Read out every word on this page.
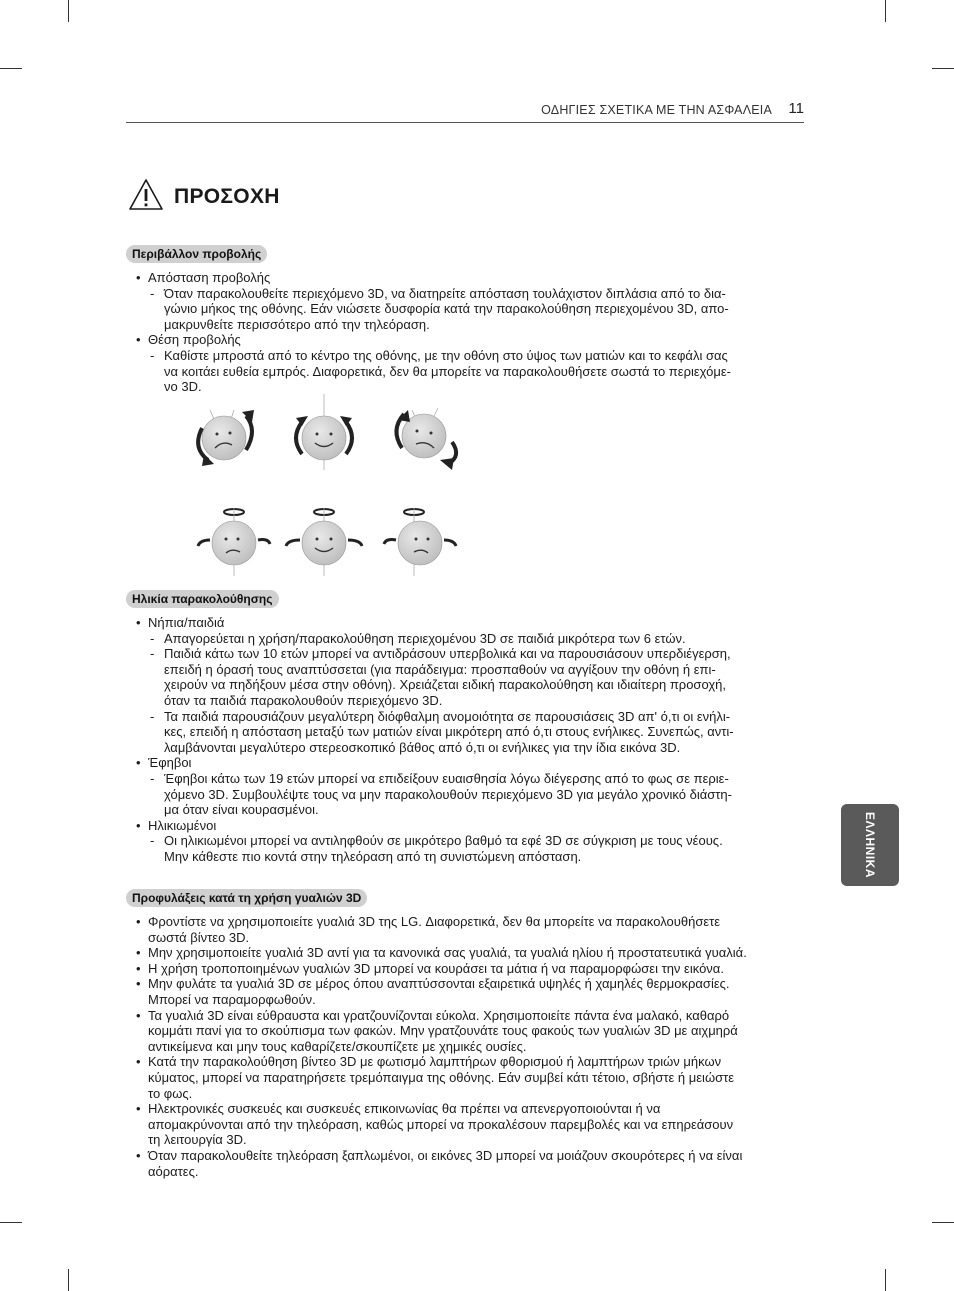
ΟΔΗΓΙΕΣ ΣΧΕΤΙΚΑ ΜΕ ΤΗΝ ΑΣΦΑΛΕΙΑ 11
ΠΡΟΣΟΧΗ
Περιβάλλον προβολής

• Απόσταση προβολής

- Όταν παρακολουθείτε περιεχόμενο 3D, να διατηρείτε απόσταση τουλάχιστον διπλάσια από το δια-

γώνιο μήκος της οθόνης. Εάν νιώσετε δυσφορία κατά την παρακολούθηση περιεχομένου 3D, απο-

μακρυνθείτε περισσότερο από την τηλεόραση.

• Θέση προβολής

- Καθίστε μπροστά από το κέντρο της οθόνης, με την οθόνη στο ύψος των ματιών και το κεφάλι σας

να κοιτάει ευθεία εμπρός. Διαφορετικά, δεν θα μπορείτε να παρακολουθήσετε σωστά το περιεχόμε-

νο 3D.

Ηλικία παρακολούθησης

• Νήπια/παιδιά

- Απαγορεύεται η χρήση/παρακολούθηση περιεχομένου 3D σε παιδιά μικρότερα των 6 ετών.

- Παιδιά κάτω των 10 ετών μπορεί να αντιδράσουν υπερβολικά και να παρουσιάσουν υπερδιέγερση,

επειδή η όρασή τους αναπτύσσεται (για παράδειγμα: προσπαθούν να αγγίξουν την οθόνη ή επι-

χειρούν να πηδήξουν μέσα στην οθόνη). Χρειάζεται ειδική παρακολούθηση και ιδιαίτερη προσοχή,

όταν τα παιδιά παρακολουθούν περιεχόμενο 3D.

- Τα παιδιά παρουσιάζουν μεγαλύτερη διόφθαλμη ανομοιότητα σε παρουσιάσεις 3D απ' ό,τι οι ενήλι-

κες, επειδή η απόσταση μεταξύ των ματιών είναι μικρότερη από ό,τι στους ενήλικες. Συνεπώς, αντι-

λαμβάνονται μεγαλύτερο στερεοσκοπικό βάθος από ό,τι οι ενήλικες για την ίδια εικόνα 3D.

• Έφηβοι

- Έφηβοι κάτω των 19 ετών μπορεί να επιδείξουν ευαισθησία λόγω διέγερσης από το φως σε περιε-

χόμενο 3D. Συμβουλέψτε τους να μην παρακολουθούν περιεχόμενο 3D για μεγάλο χρονικό διάστη-

μα όταν είναι κουρασμένοι.

• Ηλικιωμένοι

- Οι ηλικιωμένοι μπορεί να αντιληφθούν σε μικρότερο βαθμό τα εφέ 3D σε σύγκριση με τους νέους.

Μην κάθεστε πιο κοντά στην τηλεόραση από τη συνιστώμενη απόσταση.

Προφυλάξεις κατά τη χρήση γυαλιών 3D

• Φροντίστε να χρησιμοποιείτε γυαλιά 3D της LG. Διαφορετικά, δεν θα μπορείτε να παρακολουθήσετε

σωστά βίντεο 3D.

• Μην χρησιμοποιείτε γυαλιά 3D αντί για τα κανονικά σας γυαλιά, τα γυαλιά ηλίου ή προστατευτικά γυαλιά.

• Η χρήση τροποποιημένων γυαλιών 3D μπορεί να κουράσει τα μάτια ή να παραμορφώσει την εικόνα.

• Μην φυλάτε τα γυαλιά 3D σε μέρος όπου αναπτύσσονται εξαιρετικά υψηλές ή χαμηλές θερμοκρασίες.

Μπορεί να παραμορφωθούν.

• Τα γυαλιά 3D είναι εύθραυστα και γρατζουνίζονται εύκολα. Χρησιμοποιείτε πάντα ένα μαλακό, καθαρό

κομμάτι πανί για το σκούπισμα των φακών. Μην γρατζουνάτε τους φακούς των γυαλιών 3D με αιχμηρά

αντικείμενα και μην τους καθαρίζετε/σκουπίζετε με χημικές ουσίες.

• Κατά την παρακολούθηση βίντεο 3D με φωτισμό λαμπτήρων φθορισμού ή λαμπτήρων τριών μήκων

κύματος, μπορεί να παρατηρήσετε τρεμόπαιγμα της οθόνης. Εάν συμβεί κάτι τέτοιο, σβήστε ή μειώστε

το φως.

• Ηλεκτρονικές συσκευές και συσκευές επικοινωνίας θα πρέπει να απενεργοποιούνται ή να

απομακρύνονται από την τηλεόραση, καθώς μπορεί να προκαλέσουν παρεμβολές και να επηρεάσουν

τη λειτουργία 3D.

• Όταν παρακολουθείτε τηλεόραση ξαπλωμένοι, οι εικόνες 3D μπορεί να μοιάζουν σκουρότερες ή να είναι

αόρατες.

ΕΛΛΗΝΙΚΑ
